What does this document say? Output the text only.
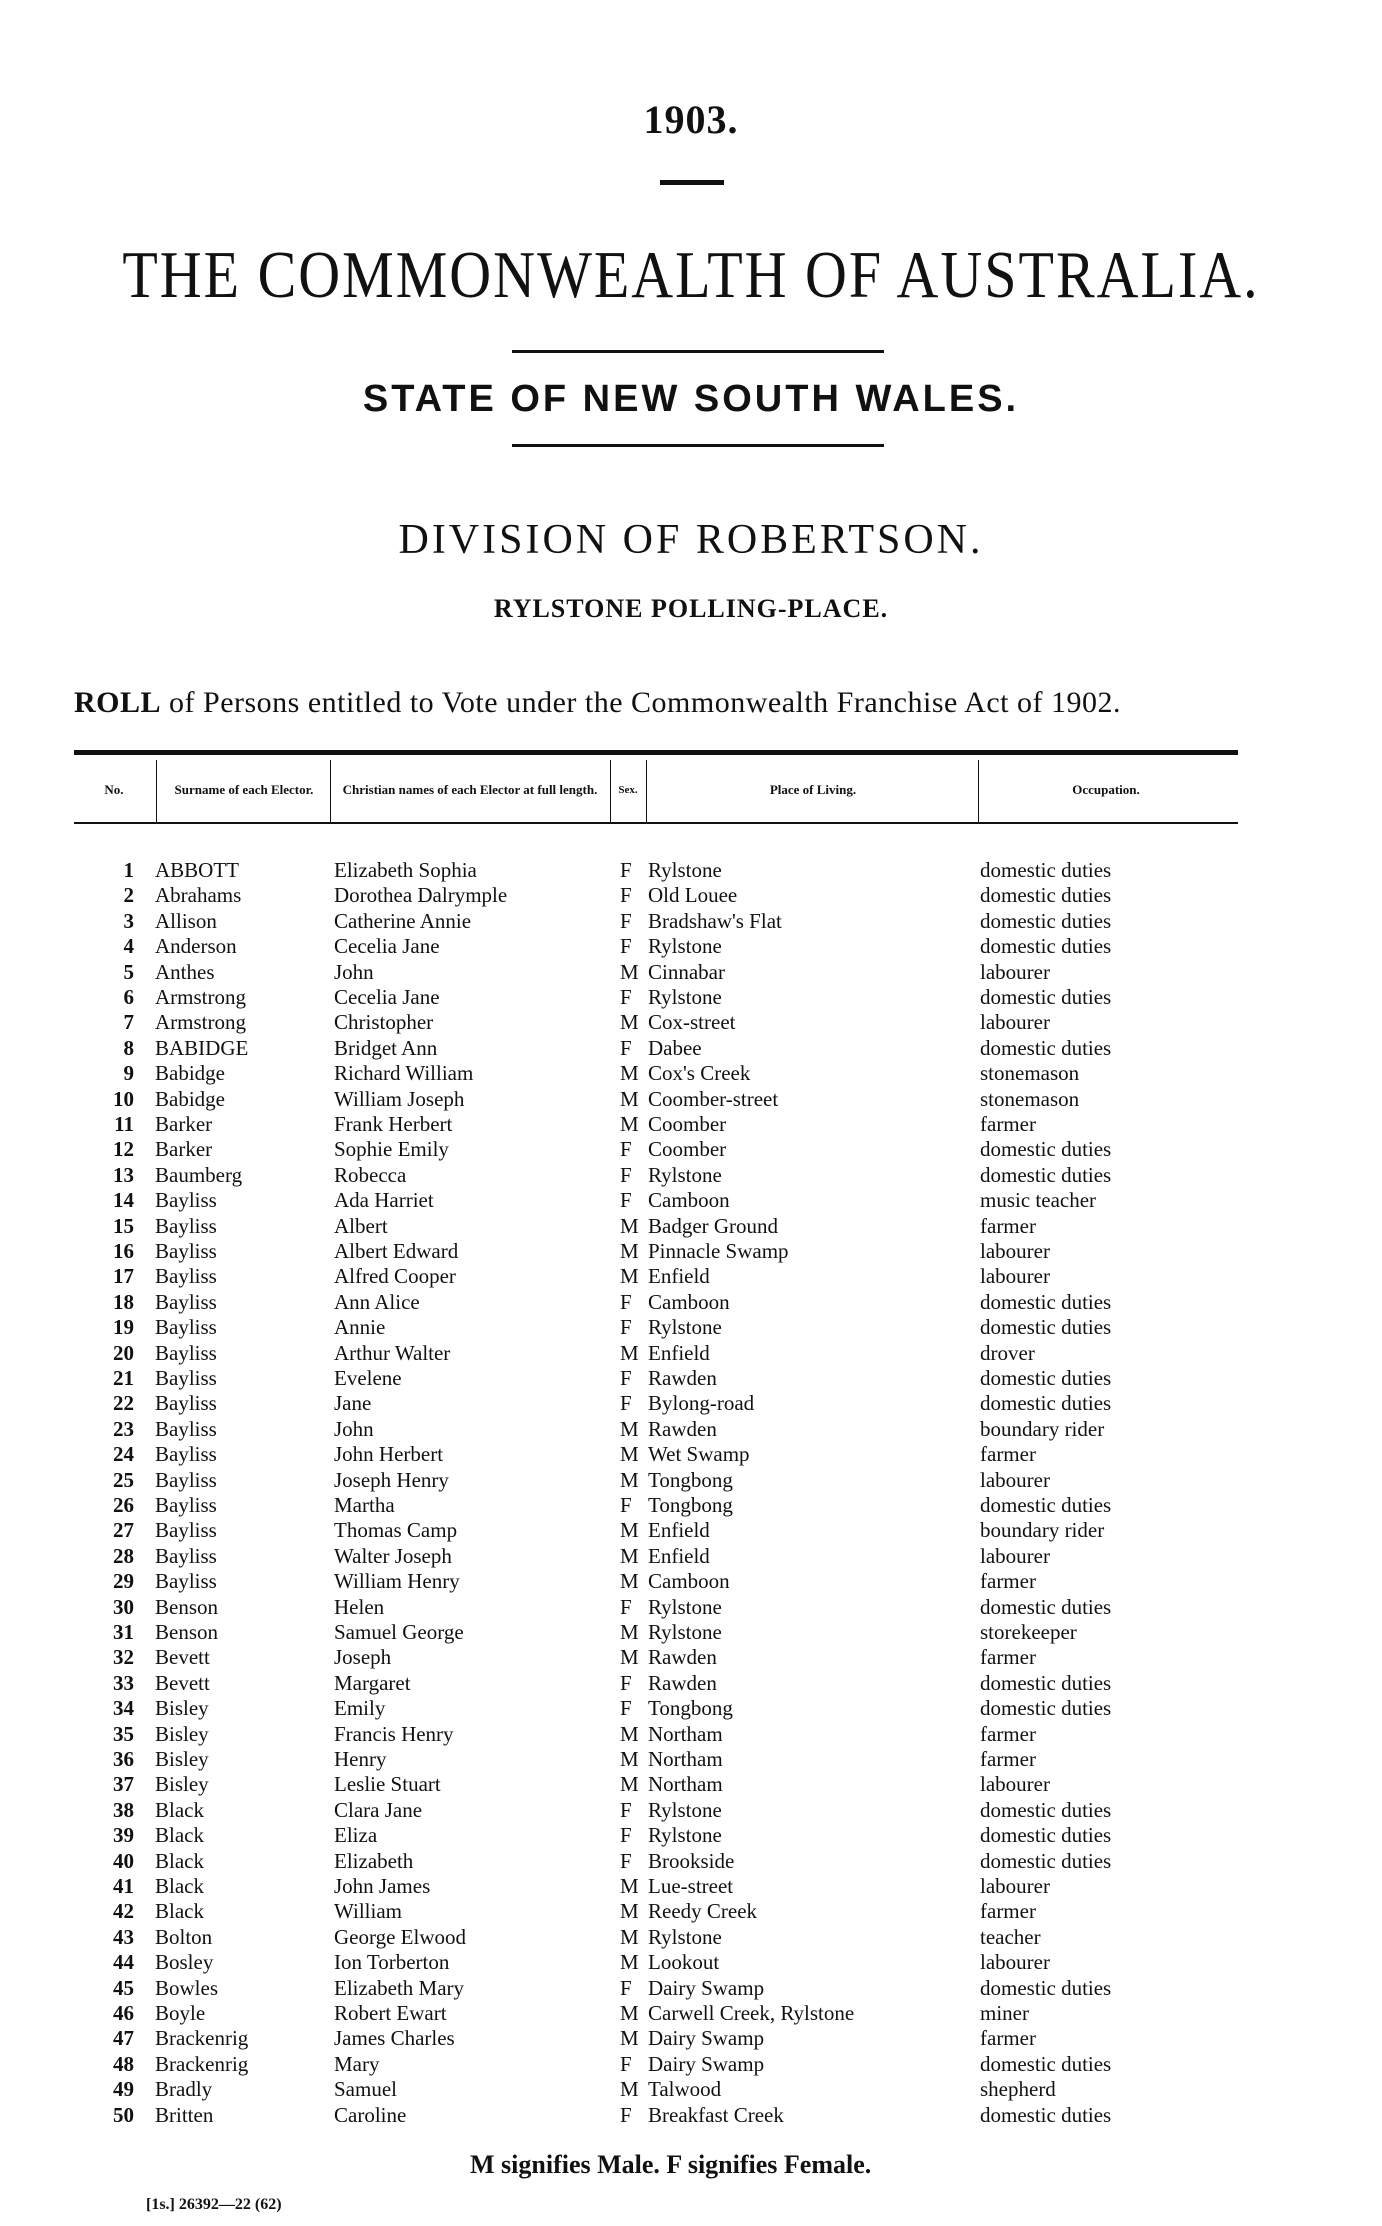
1903.
THE COMMONWEALTH OF AUSTRALIA.
STATE OF NEW SOUTH WALES.
DIVISION OF ROBERTSON.
RYLSTONE POLLING-PLACE.
ROLL of Persons entitled to Vote under the Commonwealth Franchise Act of 1902.
No.	Surname of each Elector.	Christian names of each Elector at full length.	Sex.	Place of Living.	Occupation.
1 ABBOTT	Elizabeth Sophia	F Rylstone	domestic duties
2 Abrahams	Dorothea Dalrymple	F Old Louee	domestic duties
3 Allison	Catherine Annie	F Bradshaw's Flat	domestic duties
4 Anderson	Cecelia Jane	F Rylstone	domestic duties
5 Anthes	John	M Cinnabar	labourer
6 Armstrong	Cecelia Jane	F Rylstone	domestic duties
7 Armstrong	Christopher	M Cox-street	labourer
8 BABIDGE	Bridget Ann	F Dabee	domestic duties
9 Babidge	Richard William	M Cox's Creek	stonemason
10 Babidge	William Joseph	M Coomber-street	stonemason
11 Barker	Frank Herbert	M Coomber	farmer
12 Barker	Sophie Emily	F Coomber	domestic duties
13 Baumberg	Robecca	F Rylstone	domestic duties
14 Bayliss	Ada Harriet	F Camboon	music teacher
15 Bayliss	Albert	M Badger Ground	farmer
16 Bayliss	Albert Edward	M Pinnacle Swamp	labourer
17 Bayliss	Alfred Cooper	M Enfield	labourer
18 Bayliss	Ann Alice	F Camboon	domestic duties
19 Bayliss	Annie	F Rylstone	domestic duties
20 Bayliss	Arthur Walter	M Enfield	drover
21 Bayliss	Evelene	F Rawden	domestic duties
22 Bayliss	Jane	F Bylong-road	domestic duties
23 Bayliss	John	M Rawden	boundary rider
24 Bayliss	John Herbert	M Wet Swamp	farmer
25 Bayliss	Joseph Henry	M Tongbong	labourer
26 Bayliss	Martha	F Tongbong	domestic duties
27 Bayliss	Thomas Camp	M Enfield	boundary rider
28 Bayliss	Walter Joseph	M Enfield	labourer
29 Bayliss	William Henry	M Camboon	farmer
30 Benson	Helen	F Rylstone	domestic duties
31 Benson	Samuel George	M Rylstone	storekeeper
32 Bevett	Joseph	M Rawden	farmer
33 Bevett	Margaret	F Rawden	domestic duties
34 Bisley	Emily	F Tongbong	domestic duties
35 Bisley	Francis Henry	M Northam	farmer
36 Bisley	Henry	M Northam	farmer
37 Bisley	Leslie Stuart	M Northam	labourer
38 Black	Clara Jane	F Rylstone	domestic duties
39 Black	Eliza	F Rylstone	domestic duties
40 Black	Elizabeth	F Brookside	domestic duties
41 Black	John James	M Lue-street	labourer
42 Black	William	M Reedy Creek	farmer
43 Bolton	George Elwood	M Rylstone	teacher
44 Bosley	Ion Torberton	M Lookout	labourer
45 Bowles	Elizabeth Mary	F Dairy Swamp	domestic duties
46 Boyle	Robert Ewart	M Carwell Creek, Rylstone	miner
47 Brackenrig	James Charles	M Dairy Swamp	farmer
48 Brackenrig	Mary	F Dairy Swamp	domestic duties
49 Bradly	Samuel	M Talwood	shepherd
50 Britten	Caroline	F Breakfast Creek	domestic duties
M signifies Male. F signifies Female.
[1s.] 26392—22 (62)
